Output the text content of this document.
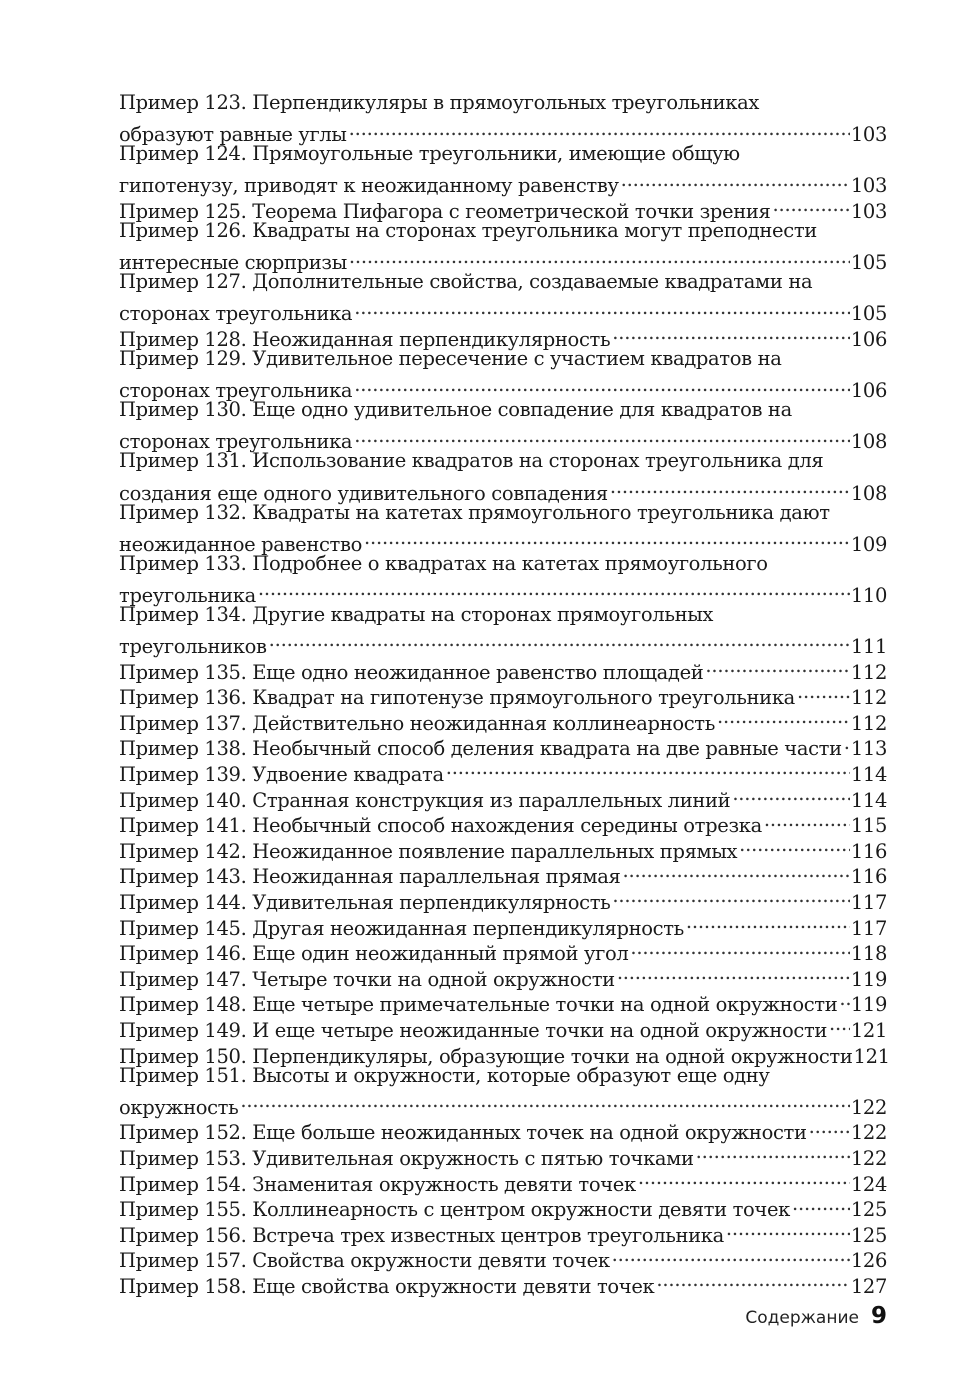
Пример 123. Перпендикуляры в прямоугольных треугольниках
образуют равные углы . . .	103
Пример 124. Прямоугольные треугольники, имеющие общую
гипотенузу, приводят к неожиданному равенству . . .	103
Пример 125. Теорема Пифагора с геометрической точки зрения . . .	103
Пример 126. Квадраты на сторонах треугольника могут преподнести
интересные сюрпризы . . .	105
Пример 127. Дополнительные свойства, создаваемые квадратами на
сторонах треугольника . . .	105
Пример 128. Неожиданная перпендикулярность . . .	106
Пример 129. Удивительное пересечение с участием квадратов на
сторонах треугольника . . .	106
Пример 130. Еще одно удивительное совпадение для квадратов на
сторонах треугольника . . .	108
Пример 131. Использование квадратов на сторонах треугольника для
создания еще одного удивительного совпадения . . .	108
Пример 132. Квадраты на катетах прямоугольного треугольника дают
неожиданное равенство . . .	109
Пример 133. Подробнее о квадратах на катетах прямоугольного
треугольника . . .	110
Пример 134. Другие квадраты на сторонах прямоугольных
треугольников . . .	111
Пример 135. Еще одно неожиданное равенство площадей . . .	112
Пример 136. Квадрат на гипотенузе прямоугольного треугольника . . .	112
Пример 137. Действительно неожиданная коллинеарность . . .	112
Пример 138. Необычный способ деления квадрата на две равные части . . . 113
Пример 139. Удвоение квадрата . . .	114
Пример 140. Странная конструкция из параллельных линий . . .	114
Пример 141. Необычный способ нахождения середины отрезка . . .	115
Пример 142. Неожиданное появление параллельных прямых . . .	116
Пример 143. Неожиданная параллельная прямая . . .	116
Пример 144. Удивительная перпендикулярность . . .	117
Пример 145. Другая неожиданная перпендикулярность . . .	117
Пример 146. Еще один неожиданный прямой угол . . .	118
Пример 147. Четыре точки на одной окружности . . .	119
Пример 148. Еще четыре примечательные точки на одной окружности . . . 119
Пример 149. И еще четыре неожиданные точки на одной окружности . . . 121
Пример 150. Перпендикуляры, образующие точки на одной окружности 121
Пример 151. Высоты и окружности, которые образуют еще одну
окружность . . .	122
Пример 152. Еще больше неожиданных точек на одной окружности . . . 122
Пример 153. Удивительная окружность с пятью точками . . .	122
Пример 154. Знаменитая окружность девяти точек . . .	124
Пример 155. Коллинеарность с центром окружности девяти точек . . .	125
Пример 156. Встреча трех известных центров треугольника . . .	125
Пример 157. Свойства окружности девяти точек . . .	126
Пример 158. Еще свойства окружности девяти точек . . .	127
Содержание 9
